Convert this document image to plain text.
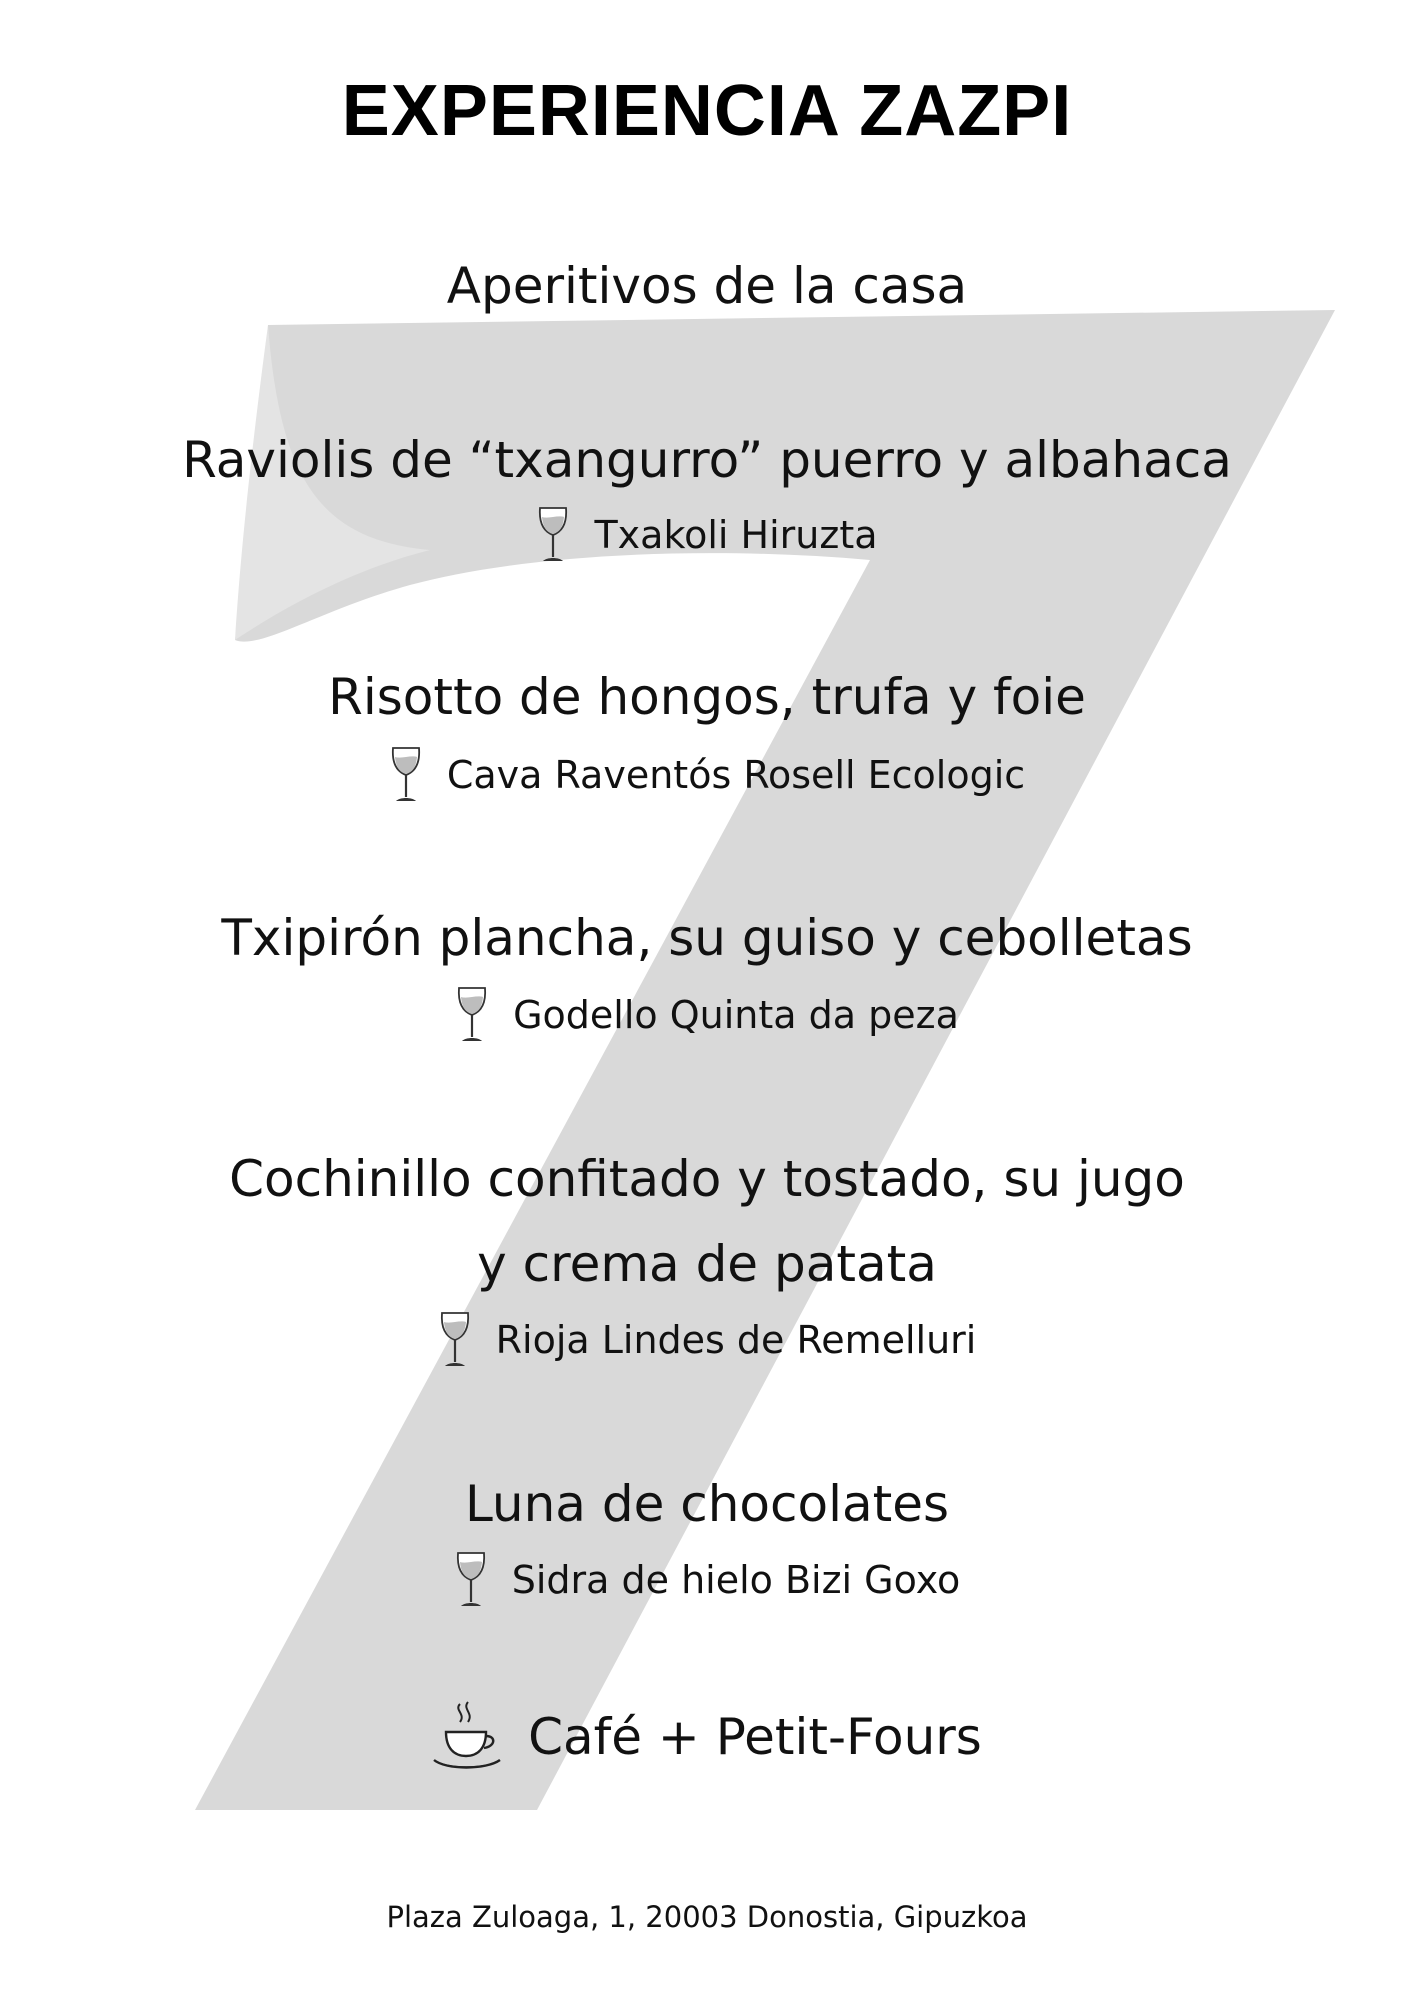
EXPERIENCIA ZAZPI

Aperitivos de la casa

Raviolis de “txangurro” puerro y albahaca

Txakoli Hiruzta

Risotto de hongos, trufa y foie

Cava Raventós Rosell Ecologic

Txipirón plancha, su guiso y cebolletas

Godello Quinta da peza

Cochinillo confitado y tostado, su jugo

y crema de patata

Rioja Lindes de Remelluri

Luna de chocolates

Sidra de hielo Bizi Goxo
Café + Petit-Fours
Plaza Zuloaga, 1, 20003 Donostia, Gipuzkoa
